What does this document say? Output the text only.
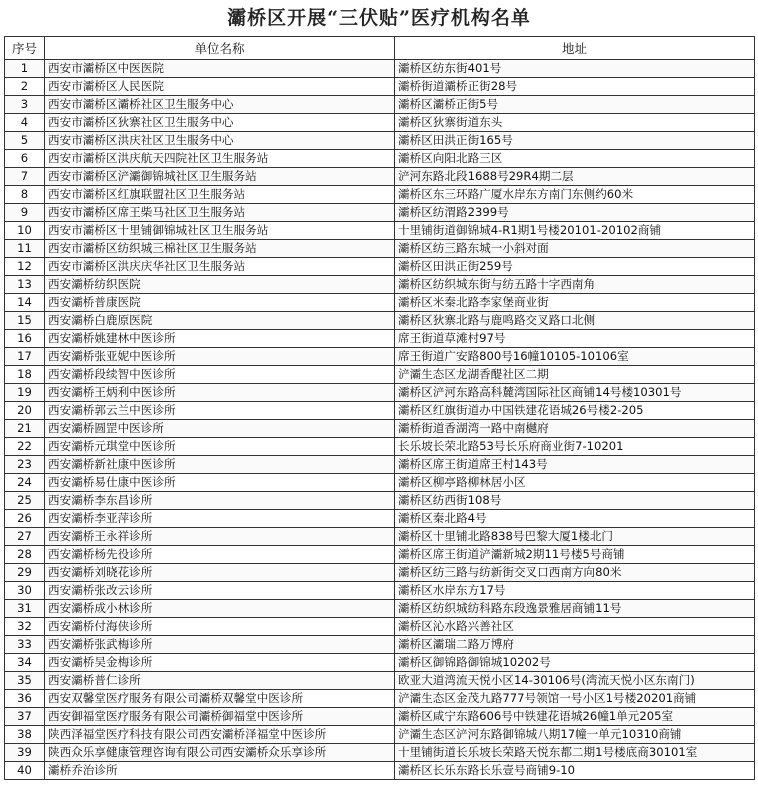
灞桥区开展“三伏贴”医疗机构名单
序号	单位名称	地址
1	西安市灞桥区中医医院	灞桥区纺东街401号
2	西安市灞桥区人民医院	灞桥街道灞桥正街28号
3	西安市灞桥区灞桥社区卫生服务中心	灞桥区灞桥正街5号
4	西安市灞桥区狄寨社区卫生服务中心	灞桥区狄寨街道东头
5	西安市灞桥区洪庆社区卫生服务中心	灞桥区田洪正街165号
6	西安市灞桥区洪庆航天四院社区卫生服务站	灞桥区向阳北路三区
7	西安市灞桥区浐灞御锦城社区卫生服务站	浐河东路北段1688号29R4期二层
8	西安市灞桥区红旗联盟社区卫生服务站	灞桥区东三环路广厦水岸东方南门东侧约60米
9	西安市灞桥区席王柴马社区卫生服务站	灞桥区纺渭路2399号
10	西安市灞桥区十里铺御锦城社区卫生服务站	十里铺街道御锦城4-R1期1号楼20101-20102商铺
11	西安市灞桥区纺织城三棉社区卫生服务站	灞桥区纺三路东城一小斜对面
12	西安市灞桥区洪庆庆华社区卫生服务站	灞桥区田洪正街259号
13	西安灞桥纺织医院	灞桥区纺织城东街与纺五路十字西南角
14	西安灞桥普康医院	灞桥区米秦北路李家堡商业街
15	西安灞桥白鹿原医院	灞桥区狄寨北路与鹿鸣路交叉路口北侧
16	西安灞桥姚建林中医诊所	席王街道草滩村97号
17	西安灞桥张亚妮中医诊所	席王街道广安路800号16幢10105-10106室
18	西安灞桥段续智中医诊所	浐灞生态区龙湖香醍社区二期
19	西安灞桥王炳利中医诊所	灞桥区浐河东路高科麓湾国际社区商铺14号楼10301号
20	西安灞桥郭云兰中医诊所	灞桥区红旗街道办中国铁建花语城26号楼2-205
21	西安灞桥圆罡中医诊所	灞桥街道香湖湾一路中南樾府
22	西安灞桥元琪堂中医诊所	长乐坡长荣北路53号长乐府商业街7-10201
23	西安灞桥新社康中医诊所	灞桥区席王街道席王村143号
24	西安灞桥易仕康中医诊所	灞桥区柳亭路柳林居小区
25	西安灞桥李东昌诊所	灞桥区纺西街108号
26	西安灞桥李亚萍诊所	灞桥区秦北路4号
27	西安灞桥王永祥诊所	灞桥区十里铺北路838号巴黎大厦1楼北门
28	西安灞桥杨先役诊所	灞桥区席王街道浐灞新城2期11号楼5号商铺
29	西安灞桥刘晓花诊所	灞桥区纺三路与纺新街交叉口西南方向80米
30	西安灞桥张改云诊所	灞桥区水岸东方17号
31	西安灞桥成小林诊所	灞桥区纺织城纺科路东段逸景雅居商铺11号
32	西安灞桥付海侠诊所	灞桥区沁水路兴善社区
33	西安灞桥张武梅诊所	灞桥区灞瑞二路万博府
34	西安灞桥吴金梅诊所	灞桥区御锦路御锦城10202号
35	西安灞桥普仁诊所	欧亚大道湾流天悦小区14-30106号(湾流天悦小区东南门)
36	西安双馨堂医疗服务有限公司灞桥双馨堂中医诊所	浐灞生态区金茂九路777号领馆一号小区1号楼20201商铺
37	西安御福堂医疗服务有限公司灞桥御福堂中医诊所	灞桥区咸宁东路606号中铁建花语城26幢1单元205室
38	陕西泽福堂医疗科技有限公司西安灞桥泽福堂中医诊所	浐灞生态区浐河东路御锦城八期17幢一单元10310商铺
39	陕西众乐享健康管理咨询有限公司西安灞桥众乐享诊所	十里铺街道长乐坡长荣路天悦东都二期1号楼底商30101室
40	灞桥乔治诊所	灞桥区长乐东路长乐壹号商铺9-10
